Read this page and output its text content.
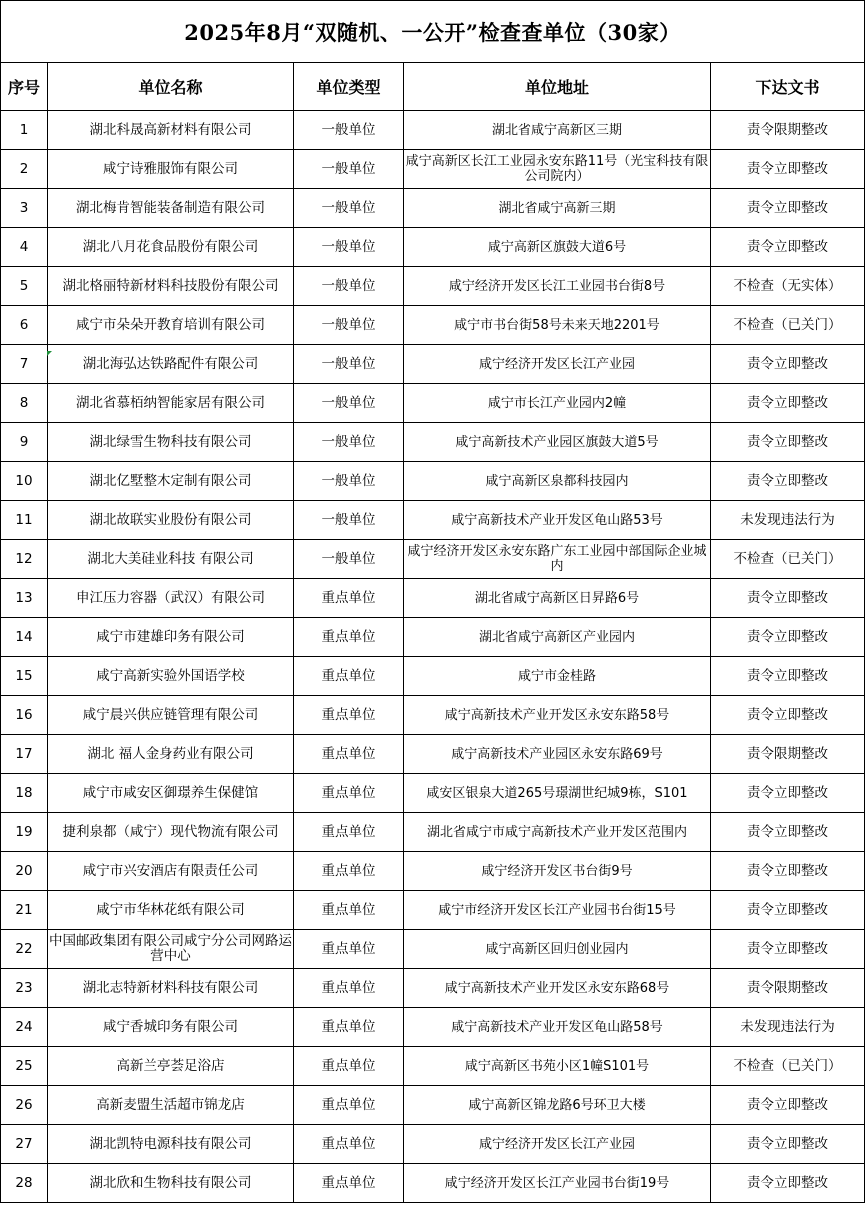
2025年8月“双随机、一公开”检查查单位（30家）				
序号	单位名称	单位类型	单位地址	下达文书
1	湖北科晟高新材料有限公司	一般单位	湖北省咸宁高新区三期	责令限期整改
2	咸宁诗雅服饰有限公司	一般单位	咸宁高新区长江工业园永安东路11号（光宝科技有限公司院内）	责令立即整改
3	湖北梅肯智能装备制造有限公司	一般单位	湖北省咸宁高新三期	责令立即整改
4	湖北八月花食品股份有限公司	一般单位	咸宁高新区旗鼓大道6号	责令立即整改
5	湖北格丽特新材料科技股份有限公司	一般单位	咸宁经济开发区长江工业园书台街8号	不检查（无实体）
6	咸宁市朵朵开教育培训有限公司	一般单位	咸宁市书台街58号未来天地2201号	不检查（已关门）
7	湖北海弘达铁路配件有限公司	一般单位	咸宁经济开发区长江产业园	责令立即整改
8	湖北省慕栢纳智能家居有限公司	一般单位	咸宁市长江产业园内2幢	责令立即整改
9	湖北绿雪生物科技有限公司	一般单位	咸宁高新技术产业园区旗鼓大道5号	责令立即整改
10	湖北亿墅整木定制有限公司	一般单位	咸宁高新区泉都科技园内	责令立即整改
11	湖北故联实业股份有限公司	一般单位	咸宁高新技术产业开发区龟山路53号	未发现违法行为
12	湖北大美硅业科技 有限公司	一般单位	咸宁经济开发区永安东路广东工业园中部国际企业城内	不检查（已关门）
13	申江压力容器（武汉）有限公司	重点单位	湖北省咸宁高新区日昇路6号	责令立即整改
14	咸宁市建雄印务有限公司	重点单位	湖北省咸宁高新区产业园内	责令立即整改
15	咸宁高新实验外国语学校	重点单位	咸宁市金桂路	责令立即整改
16	咸宁晨兴供应链管理有限公司	重点单位	咸宁高新技术产业开发区永安东路58号	责令立即整改
17	湖北 福人金身药业有限公司	重点单位	咸宁高新技术产业园区永安东路69号	责令限期整改
18	咸宁市咸安区御璟养生保健馆	重点单位	咸安区银泉大道265号璟湖世纪城9栋，S101	责令立即整改
19	捷利泉都（咸宁）现代物流有限公司	重点单位	湖北省咸宁市咸宁高新技术产业开发区范围内	责令立即整改
20	咸宁市兴安酒店有限责任公司	重点单位	咸宁经济开发区书台街9号	责令立即整改
21	咸宁市华林花纸有限公司	重点单位	咸宁市经济开发区长江产业园书台街15号	责令立即整改
22	中国邮政集团有限公司咸宁分公司网路运营中心	重点单位	咸宁高新区回归创业园内	责令立即整改
23	湖北志特新材料科技有限公司	重点单位	咸宁高新技术产业开发区永安东路68号	责令限期整改
24	咸宁香城印务有限公司	重点单位	咸宁高新技术产业开发区龟山路58号	未发现违法行为
25	高新兰亭荟足浴店	重点单位	咸宁高新区书苑小区1幢S101号	不检查（已关门）
26	高新麦盟生活超市锦龙店	重点单位	咸宁高新区锦龙路6号环卫大楼	责令立即整改
27	湖北凯特电源科技有限公司	重点单位	咸宁经济开发区长江产业园	责令立即整改
28	湖北欣和生物科技有限公司	重点单位	咸宁经济开发区长江产业园书台街19号	责令立即整改
